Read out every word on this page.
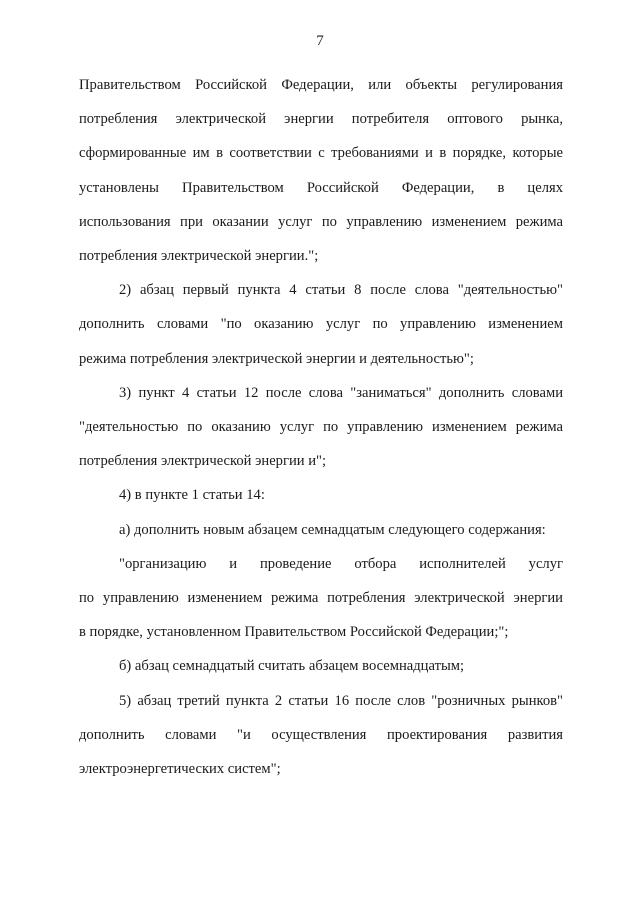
7

Правительством Российской Федерации, или объекты регулирования
потребления электрической энергии потребителя оптового рынка,
сформированные им в соответствии с требованиями и в порядке, которые
установлены Правительством Российской Федерации, в целях
использования при оказании услуг по управлению изменением режима
потребления электрической энергии.";

2) абзац первый пункта 4 статьи 8 после слова "деятельностью"
дополнить словами "по оказанию услуг по управлению изменением
режима потребления электрической энергии и деятельностью";

3) пункт 4 статьи 12 после слова "заниматься" дополнить словами
"деятельностью по оказанию услуг по управлению изменением режима
потребления электрической энергии и";

4) в пункте 1 статьи 14:

а) дополнить новым абзацем семнадцатым следующего содержания:

"организацию и проведение отбора исполнителей услуг
по управлению изменением режима потребления электрической энергии
в порядке, установленном Правительством Российской Федерации;";

б) абзац семнадцатый считать абзацем восемнадцатым;

5) абзац третий пункта 2 статьи 16 после слов "розничных рынков"
дополнить словами "и осуществления проектирования развития
электроэнергетических систем";
